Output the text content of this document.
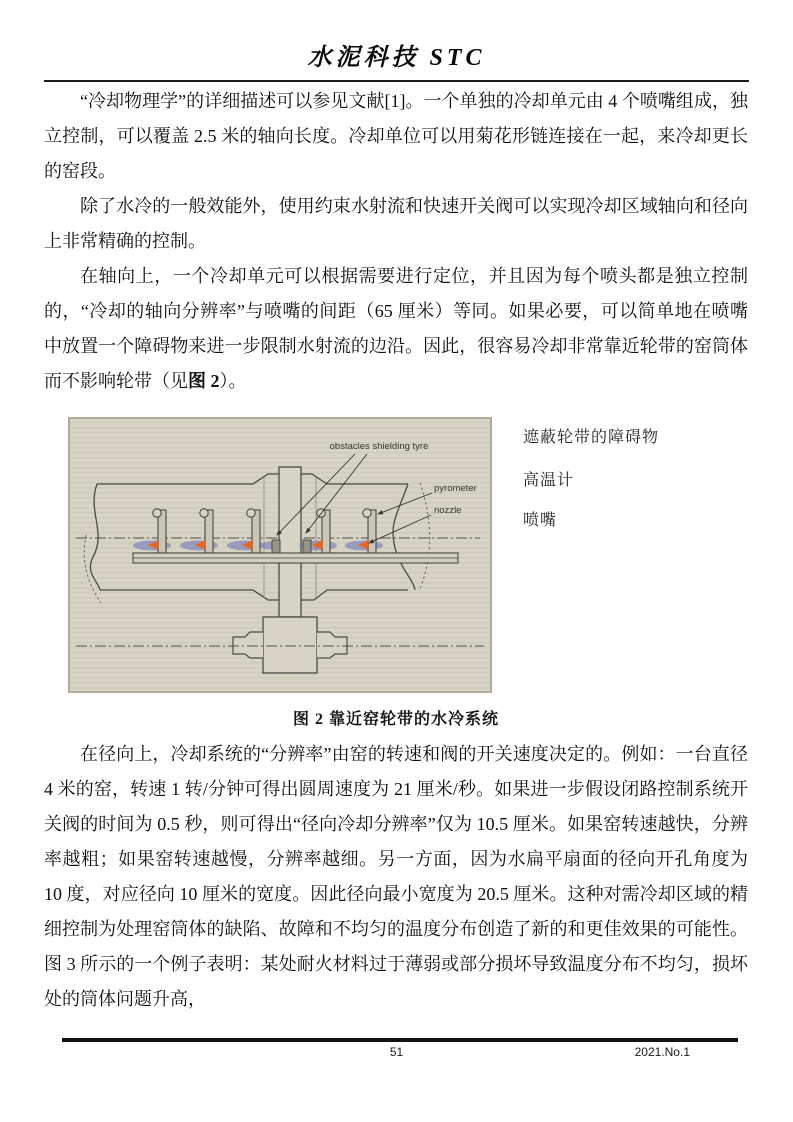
水泥科技 STC

“冷却物理学”的详细描述可以参见文献[1]。一个单独的冷却单元由 4 个喷嘴组成，独立控制，可以覆盖 2.5 米的轴向长度。冷却单位可以用菊花形链连接在一起，来冷却更长的窑段。

除了水冷的一般效能外，使用约束水射流和快速开关阀可以实现冷却区域轴向和径向上非常精确的控制。

在轴向上，一个冷却单元可以根据需要进行定位，并且因为每个喷头都是独立控制的，“冷却的轴向分辨率”与喷嘴的间距（65 厘米）等同。如果必要，可以简单地在喷嘴中放置一个障碍物来进一步限制水射流的边沿。因此，很容易冷却非常靠近轮带的窑筒体而不影响轮带（见图 2）。

obstacles shielding tyre
pyrometer
nozzle
遮蔽轮带的障碍物
高温计
喷嘴
图 2 靠近窑轮带的水冷系统

在径向上，冷却系统的“分辨率”由窑的转速和阀的开关速度决定的。例如：一台直径 4 米的窑，转速 1 转/分钟可得出圆周速度为 21 厘米/秒。如果进一步假设闭路控制系统开关阀的时间为 0.5 秒，则可得出“径向冷却分辨率”仅为 10.5 厘米。如果窑转速越快，分辨率越粗；如果窑转速越慢，分辨率越细。另一方面，因为水扁平扇面的径向开孔角度为 10 度，对应径向 10 厘米的宽度。因此径向最小宽度为 20.5 厘米。这种对需冷却区域的精细控制为处理窑筒体的缺陷、故障和不均匀的温度分布创造了新的和更佳效果的可能性。图 3 所示的一个例子表明：某处耐火材料过于薄弱或部分损坏导致温度分布不均匀，损坏处的筒体问题升高，

51	2021.No.1
